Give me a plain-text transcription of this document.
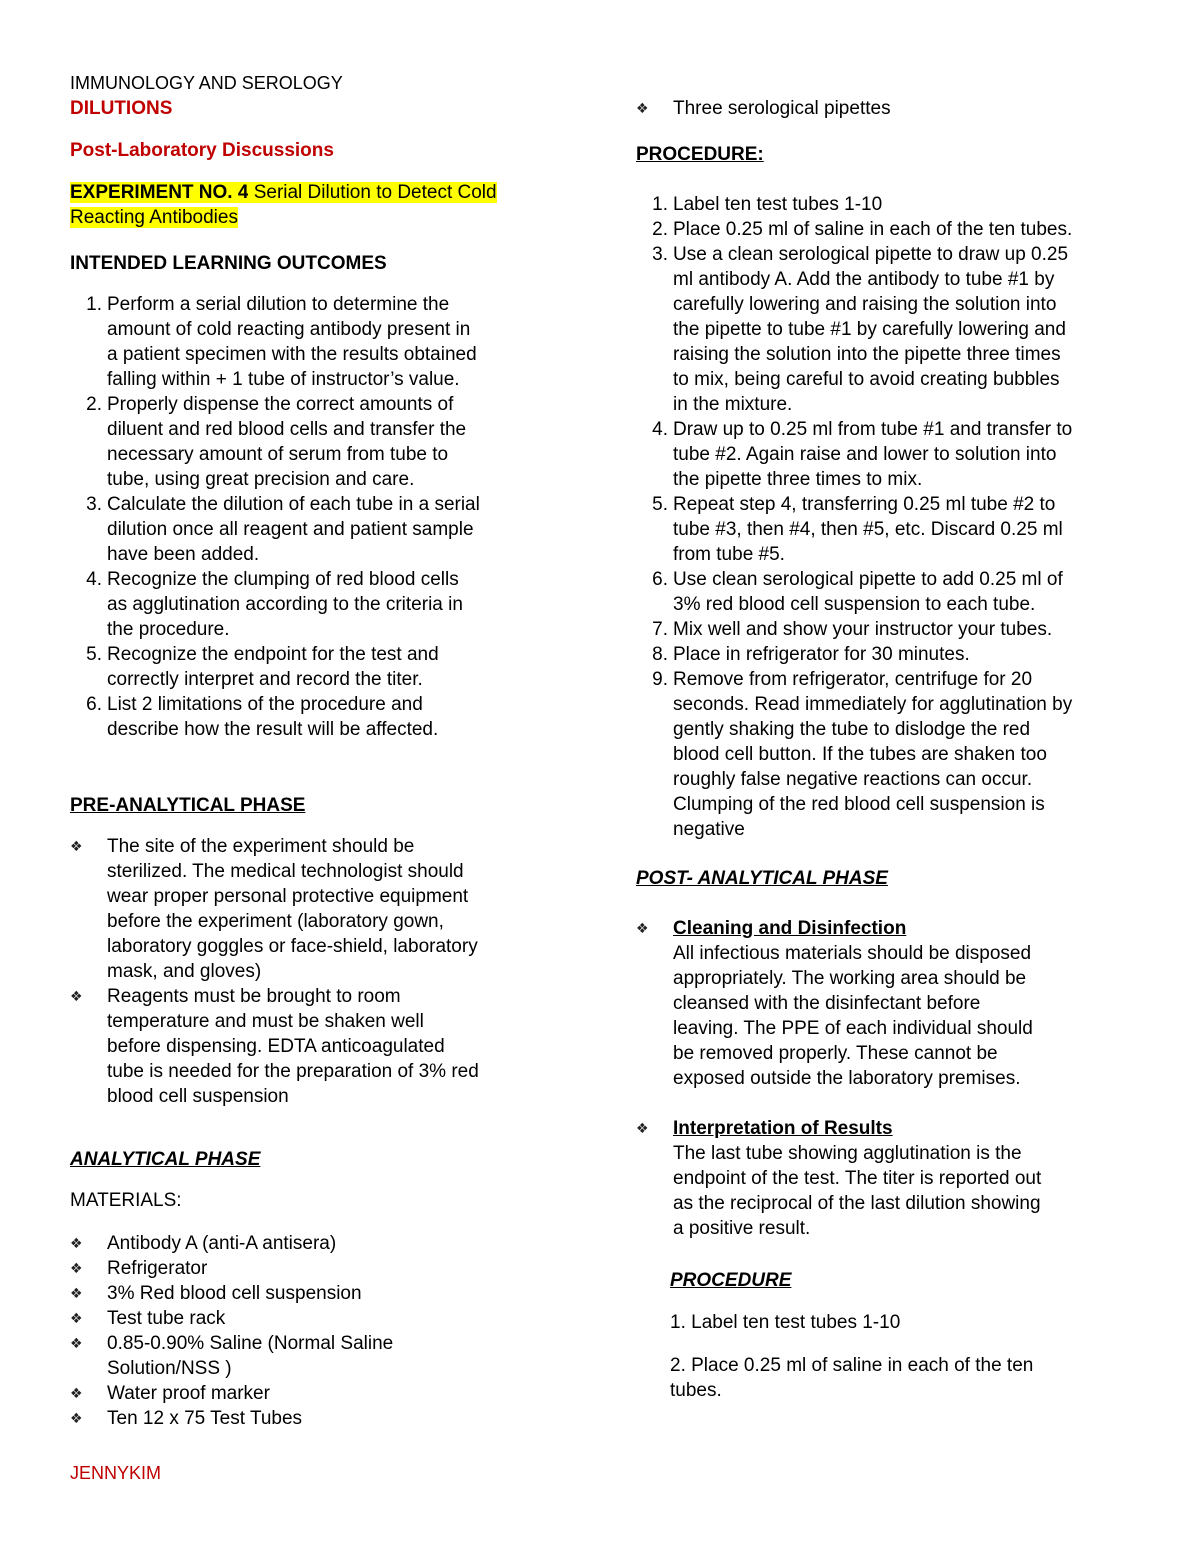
IMMUNOLOGY AND SEROLOGY
DILUTIONS
Post-Laboratory Discussions
EXPERIMENT NO. 4 Serial Dilution to Detect Cold
Reacting Antibodies
INTENDED LEARNING OUTCOMES
1. Perform a serial dilution to determine the
amount of cold reacting antibody present in
a patient specimen with the results obtained
falling within + 1 tube of instructor’s value.
2. Properly dispense the correct amounts of
diluent and red blood cells and transfer the
necessary amount of serum from tube to
tube, using great precision and care.
3. Calculate the dilution of each tube in a serial
dilution once all reagent and patient sample
have been added.
4. Recognize the clumping of red blood cells
as agglutination according to the criteria in
the procedure.
5. Recognize the endpoint for the test and
correctly interpret and record the titer.
6. List 2 limitations of the procedure and
describe how the result will be affected.
PRE-ANALYTICAL PHASE
❖ The site of the experiment should be
sterilized. The medical technologist should
wear proper personal protective equipment
before the experiment (laboratory gown,
laboratory goggles or face-shield, laboratory
mask, and gloves)
❖ Reagents must be brought to room
temperature and must be shaken well
before dispensing. EDTA anticoagulated
tube is needed for the preparation of 3% red
blood cell suspension
ANALYTICAL PHASE
MATERIALS:
❖ Antibody A (anti-A antisera)
❖ Refrigerator
❖ 3% Red blood cell suspension
❖ Test tube rack
❖ 0.85-0.90% Saline (Normal Saline
Solution/NSS )
❖ Water proof marker
❖ Ten 12 x 75 Test Tubes
JENNYKIM
❖ Three serological pipettes
PROCEDURE:
1. Label ten test tubes 1-10
2. Place 0.25 ml of saline in each of the ten tubes.
3. Use a clean serological pipette to draw up 0.25
ml antibody A. Add the antibody to tube #1 by
carefully lowering and raising the solution into
the pipette to tube #1 by carefully lowering and
raising the solution into the pipette three times
to mix, being careful to avoid creating bubbles
in the mixture.
4. Draw up to 0.25 ml from tube #1 and transfer to
tube #2. Again raise and lower to solution into
the pipette three times to mix.
5. Repeat step 4, transferring 0.25 ml tube #2 to
tube #3, then #4, then #5, etc. Discard 0.25 ml
from tube #5.
6. Use clean serological pipette to add 0.25 ml of
3% red blood cell suspension to each tube.
7. Mix well and show your instructor your tubes.
8. Place in refrigerator for 30 minutes.
9. Remove from refrigerator, centrifuge for 20
seconds. Read immediately for agglutination by
gently shaking the tube to dislodge the red
blood cell button. If the tubes are shaken too
roughly false negative reactions can occur.
Clumping of the red blood cell suspension is
negative
POST- ANALYTICAL PHASE
❖ Cleaning and Disinfection
All infectious materials should be disposed
appropriately. The working area should be
cleansed with the disinfectant before
leaving. The PPE of each individual should
be removed properly. These cannot be
exposed outside the laboratory premises.
❖ Interpretation of Results
The last tube showing agglutination is the
endpoint of the test. The titer is reported out
as the reciprocal of the last dilution showing
a positive result.
PROCEDURE
1. Label ten test tubes 1-10
2. Place 0.25 ml of saline in each of the ten
tubes.
